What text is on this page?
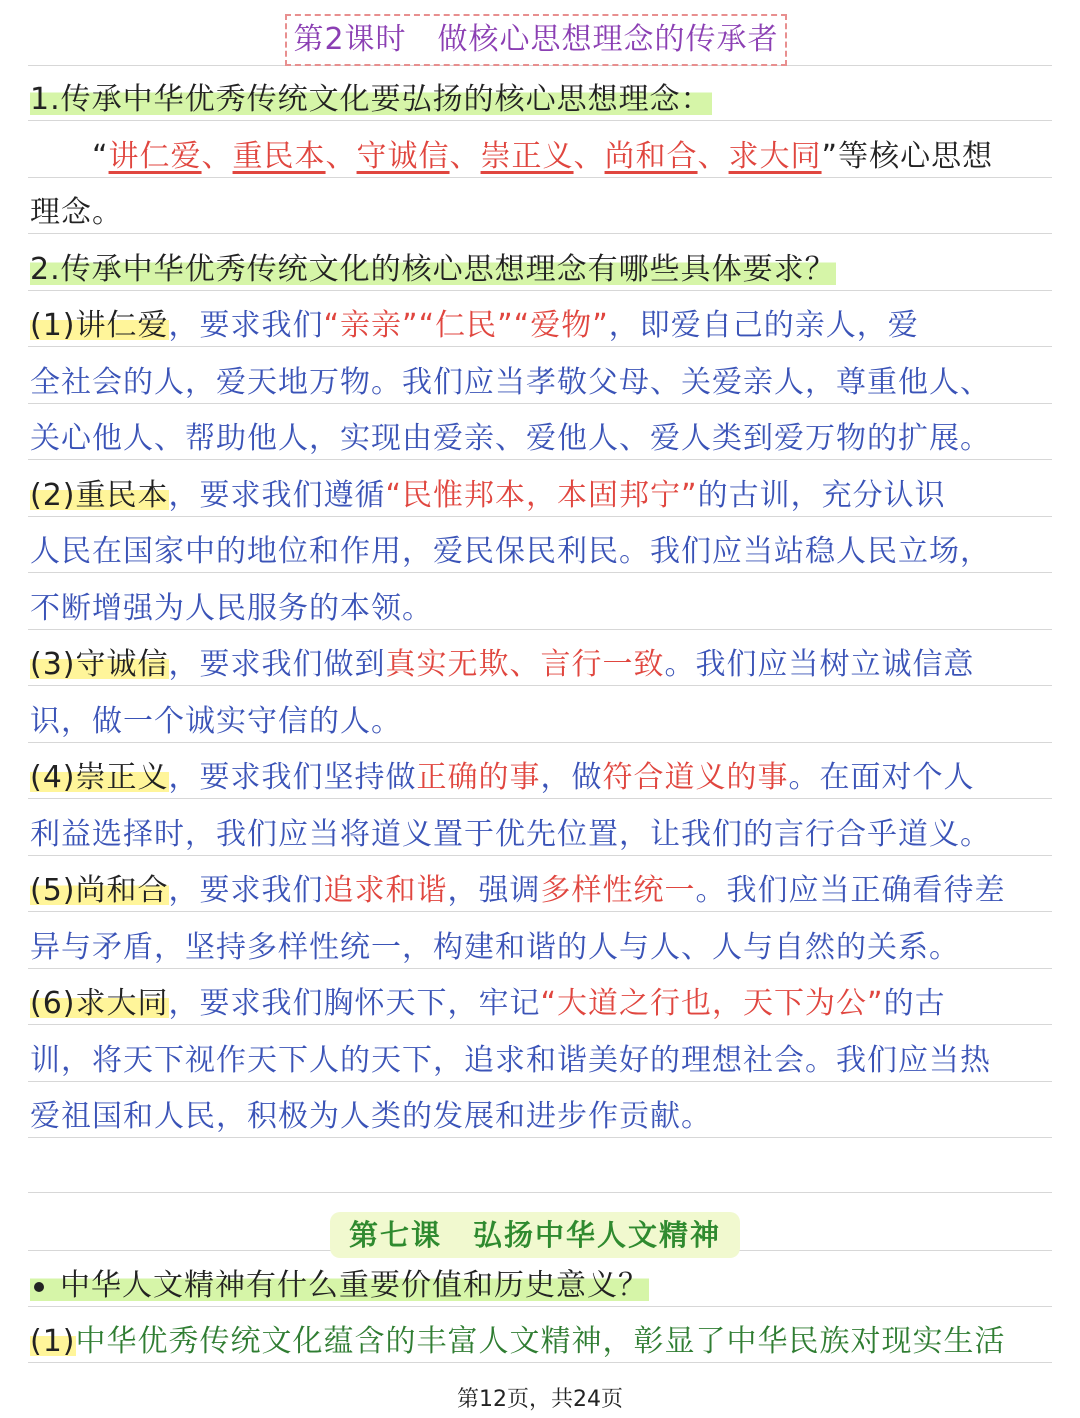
第2课时　做核心思想理念的传承者
1.传承中华优秀传统文化要弘扬的核心思想理念：
“讲仁爱、重民本、守诚信、崇正义、尚和合、求大同”等核心思想
理念。
2.传承中华优秀传统文化的核心思想理念有哪些具体要求？
(1)讲仁爱，要求我们“亲亲”“仁民”“爱物”，即爱自己的亲人，爱
全社会的人，爱天地万物。我们应当孝敬父母、关爱亲人，尊重他人、
关心他人、帮助他人，实现由爱亲、爱他人、爱人类到爱万物的扩展。
(2)重民本，要求我们遵循“民惟邦本，本固邦宁”的古训，充分认识
人民在国家中的地位和作用，爱民保民利民。我们应当站稳人民立场，
不断增强为人民服务的本领。
(3)守诚信，要求我们做到真实无欺、言行一致。我们应当树立诚信意
识，做一个诚实守信的人。
(4)崇正义，要求我们坚持做正确的事，做符合道义的事。在面对个人
利益选择时，我们应当将道义置于优先位置，让我们的言行合乎道义。
(5)尚和合，要求我们追求和谐，强调多样性统一。我们应当正确看待差
异与矛盾，坚持多样性统一，构建和谐的人与人、人与自然的关系。
(6)求大同，要求我们胸怀天下，牢记“大道之行也，天下为公”的古
训，将天下视作天下人的天下，追求和谐美好的理想社会。我们应当热
爱祖国和人民，积极为人类的发展和进步作贡献。
第七课　弘扬中华人文精神
中华人文精神有什么重要价值和历史意义？
(1)中华优秀传统文化蕴含的丰富人文精神，彰显了中华民族对现实生活
第12页，共24页
